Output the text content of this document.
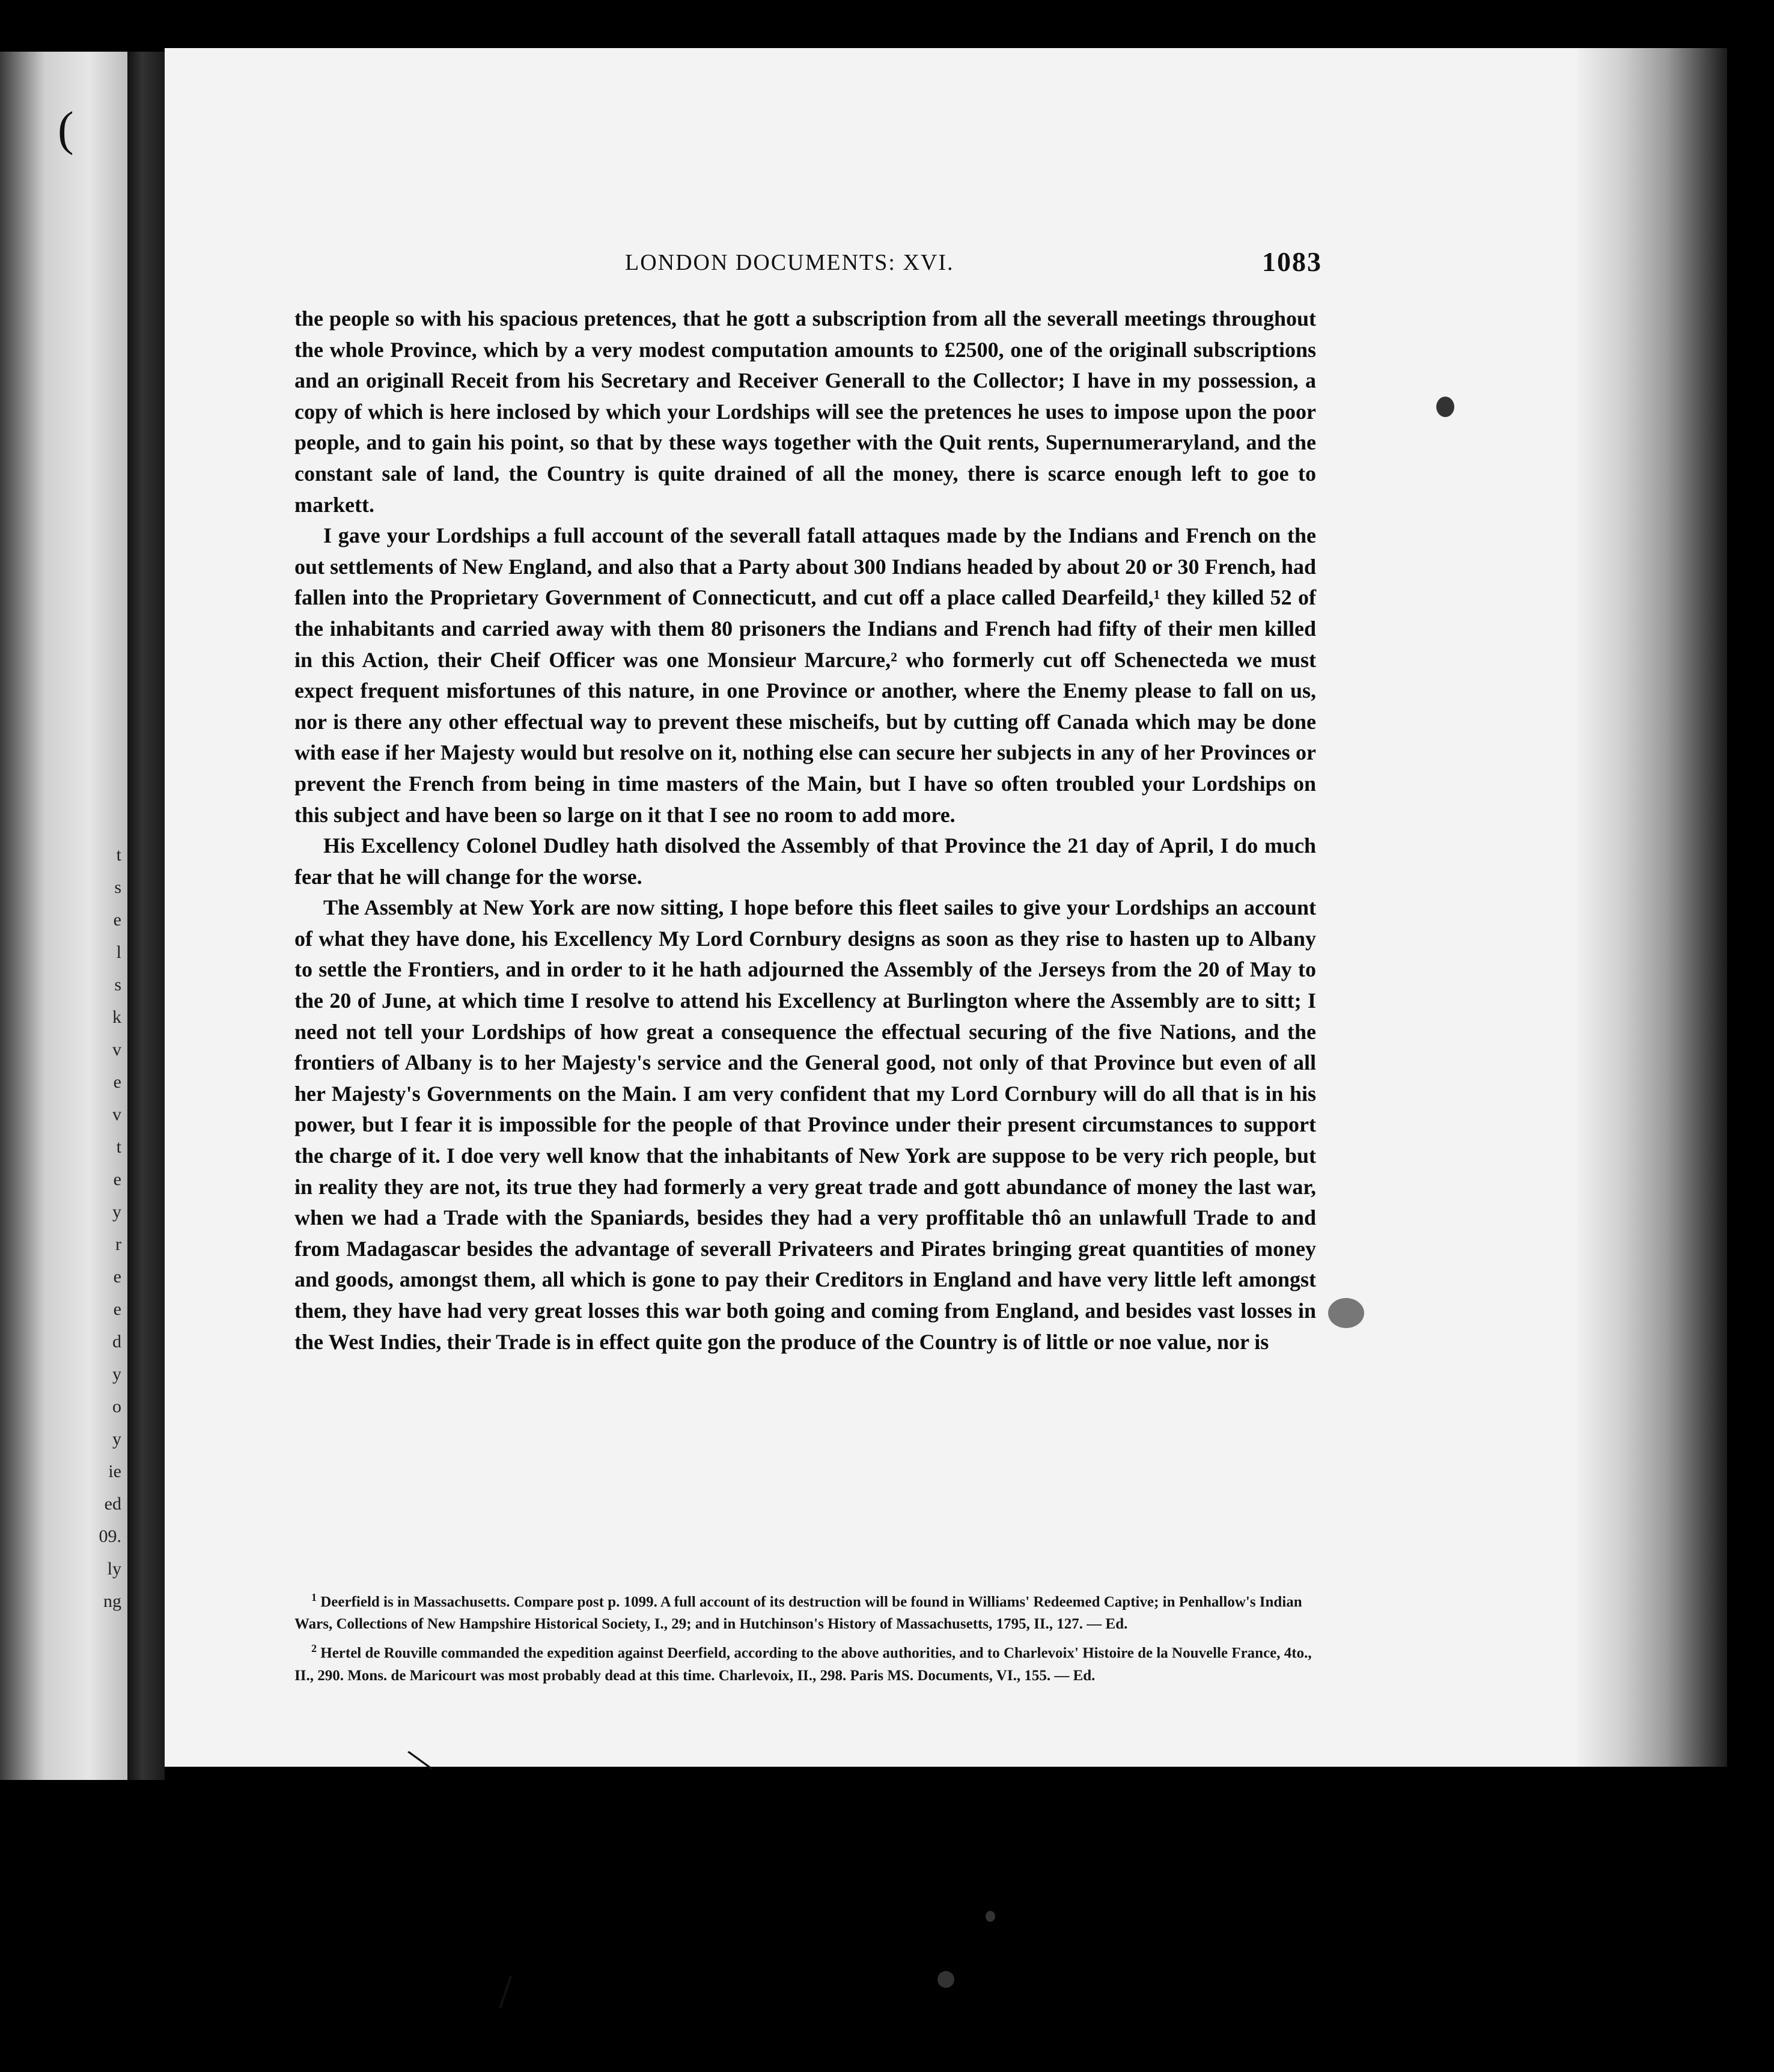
t
s
e
l
s
k
v
e
v
t
e
y
r
e
e
d
y
o
y
ie
ed
09.
ly
ng
LONDON DOCUMENTS: XVI.	1083

the people so with his spacious pretences, that he gott a subscription from all the severall meetings throughout the whole Province, which by a very modest computation amounts to £2500, one of the originall subscriptions and an originall Receit from his Secretary and Receiver Generall to the Collector; I have in my possession, a copy of which is here inclosed by which your Lordships will see the pretences he uses to impose upon the poor people, and to gain his point, so that by these ways together with the Quit rents, Supernumeraryland, and the constant sale of land, the Country is quite drained of all the money, there is scarce enough left to goe to markett.

I gave your Lordships a full account of the severall fatall attaques made by the Indians and French on the out settlements of New England, and also that a Party about 300 Indians headed by about 20 or 30 French, had fallen into the Proprietary Government of Connecticutt, and cut off a place called Dearfeild,¹ they killed 52 of the inhabitants and carried away with them 80 prisoners the Indians and French had fifty of their men killed in this Action, their Cheif Officer was one Monsieur Marcure,² who formerly cut off Schenecteda we must expect frequent misfortunes of this nature, in one Province or another, where the Enemy please to fall on us, nor is there any other effectual way to prevent these mischeifs, but by cutting off Canada which may be done with ease if her Majesty would but resolve on it, nothing else can secure her subjects in any of her Provinces or prevent the French from being in time masters of the Main, but I have so often troubled your Lordships on this subject and have been so large on it that I see no room to add more.

His Excellency Colonel Dudley hath disolved the Assembly of that Province the 21 day of April, I do much fear that he will change for the worse.

The Assembly at New York are now sitting, I hope before this fleet sailes to give your Lordships an account of what they have done, his Excellency My Lord Cornbury designs as soon as they rise to hasten up to Albany to settle the Frontiers, and in order to it he hath adjourned the Assembly of the Jerseys from the 20 of May to the 20 of June, at which time I resolve to attend his Excellency at Burlington where the Assembly are to sitt; I need not tell your Lordships of how great a consequence the effectual securing of the five Nations, and the frontiers of Albany is to her Majesty's service and the General good, not only of that Province but even of all her Majesty's Governments on the Main. I am very confident that my Lord Cornbury will do all that is in his power, but I fear it is impossible for the people of that Province under their present circumstances to support the charge of it. I doe very well know that the inhabitants of New York are suppose to be very rich people, but in reality they are not, its true they had formerly a very great trade and gott abundance of money the last war, when we had a Trade with the Spaniards, besides they had a very proffitable thô an unlawfull Trade to and from Madagascar besides the advantage of severall Privateers and Pirates bringing great quantities of money and goods, amongst them, all which is gone to pay their Creditors in England and have very little left amongst them, they have had very great losses this war both going and coming from England, and besides vast losses in the West Indies, their Trade is in effect quite gon the produce of the Country is of little or noe value, nor is

$^1$ Deerfield is in Massachusetts. Compare post p. 1099. A full account of its destruction will be found in Williams' Redeemed Captive; in Penhallow's Indian Wars, Collections of New Hampshire Historical Society, I., 29; and in Hutchinson's History of Massachusetts, 1795, II., 127. — Ed.

$^2$ Hertel de Rouville commanded the expedition against Deerfield, according to the above authorities, and to Charlevoix' Histoire de la Nouvelle France, 4to., II., 290. Mons. de Maricourt was most probably dead at this time. Charlevoix, II., 298. Paris MS. Documents, VI., 155. — Ed.

\
/
(
